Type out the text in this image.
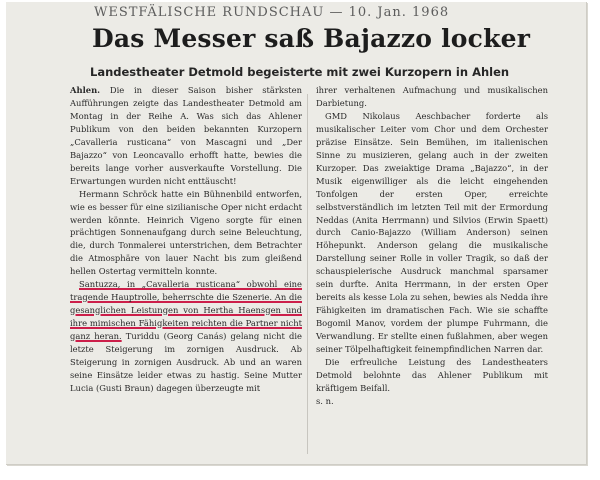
WESTFÄLISCHE RUNDSCHAU — 10. Jan. 1968
Das Messer saß Bajazzo locker
Landestheater Detmold begeisterte mit zwei Kurzopern in Ahlen

Ahlen. Die in dieser Saison bisher stärksten Aufführungen zeigte das Landestheater Detmold am Montag in der Reihe A. Was sich das Ahlener Publikum von den beiden bekannten Kurzopern „Cavalleria rusticana“ von Mascagni und „Der Bajazzo“ von Leoncavallo erhofft hatte, bewies die bereits lange vorher ausverkaufte Vorstellung. Die Erwartungen wurden nicht enttäuscht!

Hermann Schröck hatte ein Bühnenbild entworfen, wie es besser für eine sizilianische Oper nicht erdacht werden könnte. Heinrich Vigeno sorgte für einen prächtigen Sonnenaufgang durch seine Beleuchtung, die, durch Tonmalerei unterstrichen, dem Betrachter die Atmosphäre von lauer Nacht bis zum gleißend hellen Ostertag vermitteln konnte.

Santuzza, in „Cavalleria rusticana“ obwohl eine tragende Hauptrolle, beherrschte die Szenerie. An die gesanglichen Leistungen von Hertha Haensgen und ihre mimischen Fähigkeiten reichten die Partner nicht ganz heran. Turiddu (Georg Canás) gelang nicht die letzte Steigerung im zornigen Ausdruck. Ab Steigerung in zornigen Ausdruck. Ab und an waren seine Einsätze leider etwas zu hastig. Seine Mutter Lucia (Gusti Braun) dagegen überzeugte mit

ihrer verhaltenen Aufmachung und musikalischen Darbietung.

GMD Nikolaus Aeschbacher forderte als musikalischer Leiter vom Chor und dem Orchester präzise Einsätze. Sein Bemühen, im italienischen Sinne zu musizieren, gelang auch in der zweiten Kurzoper. Das zweiaktige Drama „Bajazzo“, in der Musik eigenwilliger als die leicht eingehenden Tonfolgen der ersten Oper, erreichte selbstverständlich im letzten Teil mit der Ermordung Neddas (Anita Herrmann) und Silvios (Erwin Spaett) durch Canio-Bajazzo (William Anderson) seinen Höhepunkt. Anderson gelang die musikalische Darstellung seiner Rolle in voller Tragik, so daß der schauspielerische Ausdruck manchmal sparsamer sein durfte. Anita Herrmann, in der ersten Oper bereits als kesse Lola zu sehen, bewies als Nedda ihre Fähigkeiten im dramatischen Fach. Wie sie schaffte Bogomil Manov, vordem der plumpe Fuhrmann, die Verwandlung. Er stellte einen fußlahmen, aber wegen seiner Tölpelhaftigkeit feinempfindlichen Narren dar.

Die erfreuliche Leistung des Landestheaters Detmold belohnte das Ahlener Publikum mit kräftigem Beifall.

s. n.
